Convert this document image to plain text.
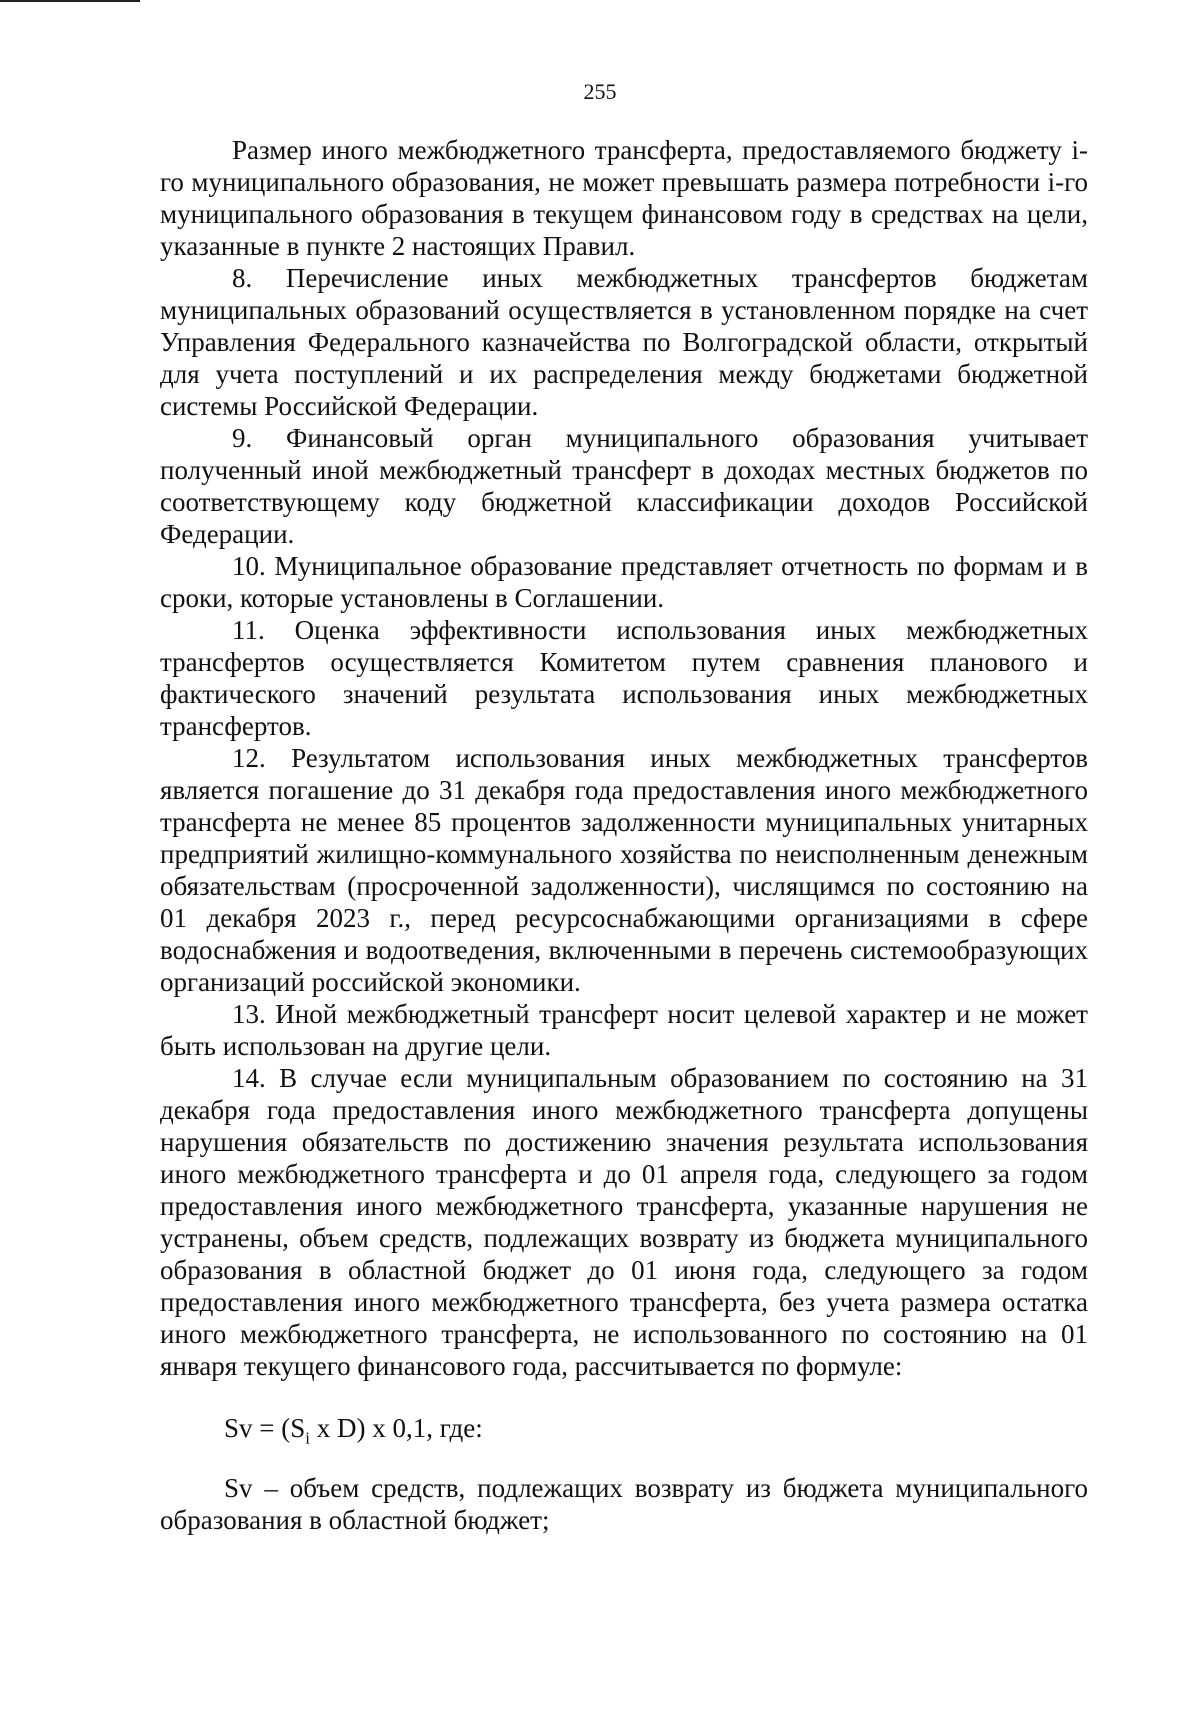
255

Размер иного межбюджетного трансферта, предоставляемого бюджету i-го муниципального образования, не может превышать размера потребности i-го муниципального образования в текущем финансовом году в средствах на цели, указанные в пункте 2 настоящих Правил.

8. Перечисление иных межбюджетных трансфертов бюджетам муниципальных образований осуществляется в установленном порядке на счет Управления Федерального казначейства по Волгоградской области, открытый для учета поступлений и их распределения между бюджетами бюджетной системы Российской Федерации.

9. Финансовый орган муниципального образования учитывает полученный иной межбюджетный трансферт в доходах местных бюджетов по соответствующему коду бюджетной классификации доходов Российской Федерации.

10. Муниципальное образование представляет отчетность по формам и в сроки, которые установлены в Соглашении.

11. Оценка эффективности использования иных межбюджетных трансфертов осуществляется Комитетом путем сравнения планового и фактического значений результата использования иных межбюджетных трансфертов.

12. Результатом использования иных межбюджетных трансфертов является погашение до 31 декабря года предоставления иного межбюджетного трансферта не менее 85 процентов задолженности муниципальных унитарных предприятий жилищно-коммунального хозяйства по неисполненным денежным обязательствам (просроченной задолженности), числящимся по состоянию на 01 декабря 2023 г., перед ресурсоснабжающими организациями в сфере водоснабжения и водоотведения, включенными в перечень системообразующих организаций российской экономики.

13. Иной межбюджетный трансферт носит целевой характер и не может быть использован на другие цели.

14. В случае если муниципальным образованием по состоянию на 31 декабря года предоставления иного межбюджетного трансферта допущены нарушения обязательств по достижению значения результата использования иного межбюджетного трансферта и до 01 апреля года, следующего за годом предоставления иного межбюджетного трансферта, указанные нарушения не устранены, объем средств, подлежащих возврату из бюджета муниципального образования в областной бюджет до 01 июня года, следующего за годом предоставления иного межбюджетного трансферта, без учета размера остатка иного межбюджетного трансферта, не использованного по состоянию на 01 января текущего финансового года, рассчитывается по формуле:

$Sv = (S_i$ x D) x 0,1, где:

Sv – объем средств, подлежащих возврату из бюджета муниципального образования в областной бюджет;
